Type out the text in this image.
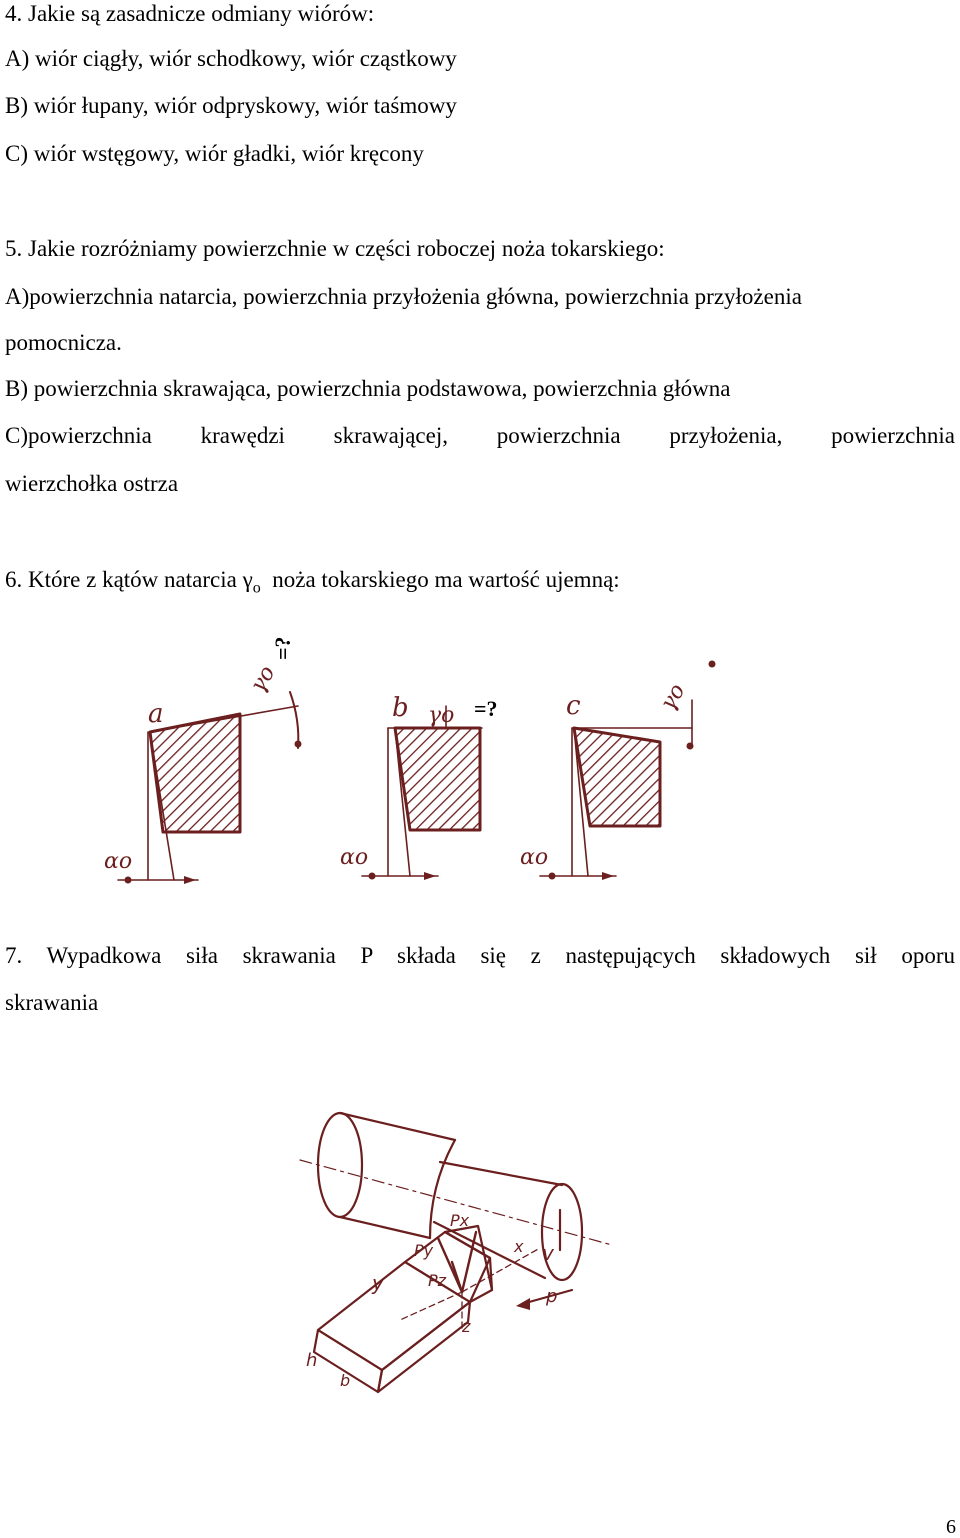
4. Jakie są zasadnicze odmiany wiórów:
A) wiór ciągły, wiór schodkowy, wiór cząstkowy
B) wiór łupany, wiór odpryskowy, wiór taśmowy
C) wiór wstęgowy, wiór gładki, wiór kręcony
5. Jakie rozróżniamy powierzchnie w części roboczej noża tokarskiego:
A)powierzchnia natarcia, powierzchnia przyłożenia główna, powierzchnia przyłożenia
pomocnicza.
B) powierzchnia skrawająca, powierzchnia podstawowa, powierzchnia główna
C)powierzchnia krawędzi skrawającej, powierzchnia przyłożenia, powierzchnia
wierzchołka ostrza
6. Które z kątów natarcia $\gamma_o$  noża tokarskiego ma wartość ujemną:
a	b	c
γo
γo
γo
αo	αo	αo
=?
=?
7. Wypadkowa siła skrawania P składa się z następujących składowych sił oporu
skrawania
Px
Py
Pz
x
y
z
v
p
h
b
6
